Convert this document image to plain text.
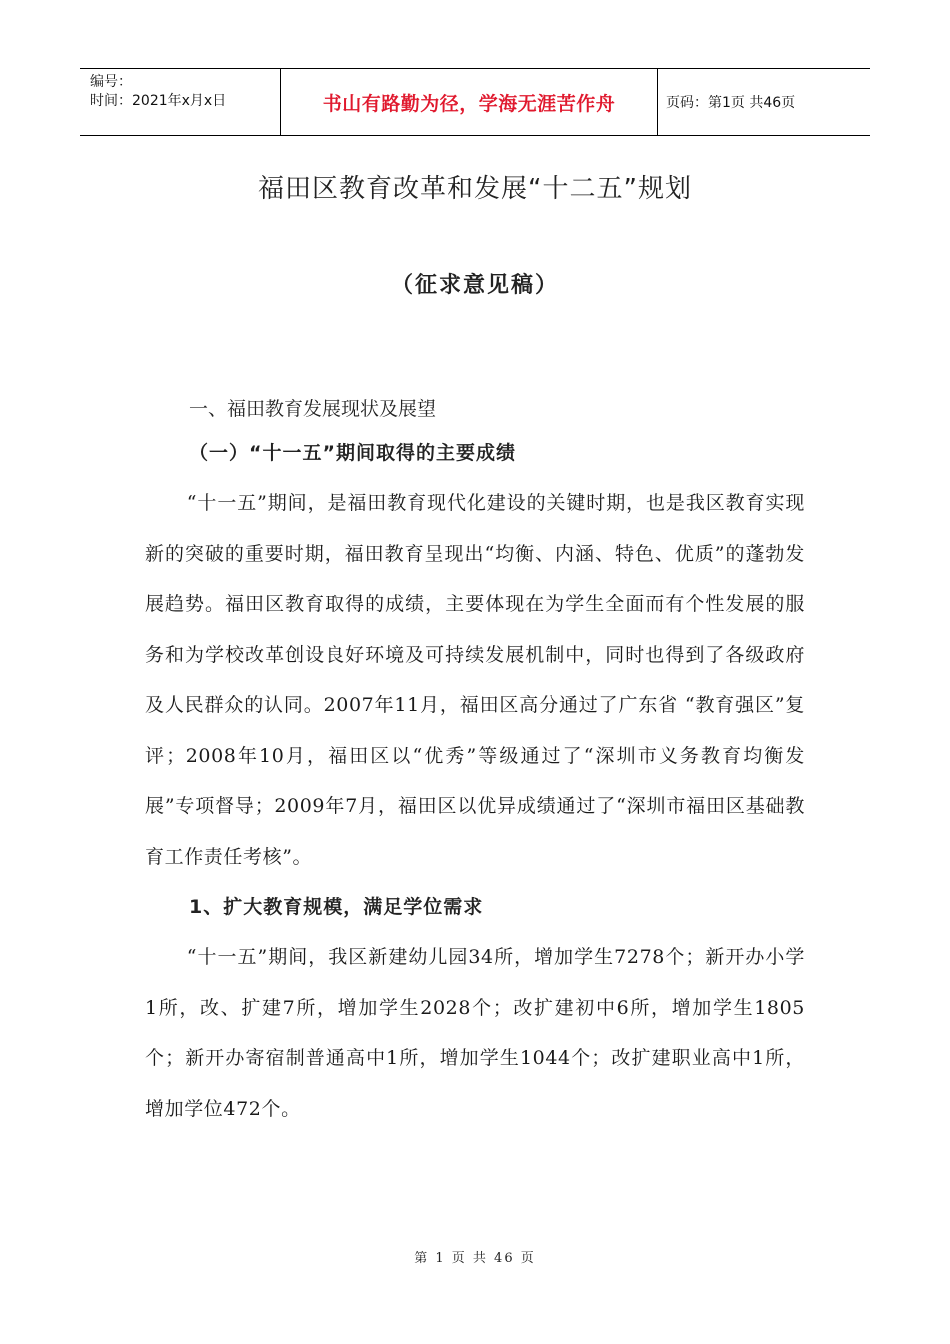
编号：
时间：2021年x月x日	书山有路勤为径，学海无涯苦作舟	页码：第1页 共46页
福田区教育改革和发展“十二五”规划
（征求意见稿）

一、福田教育发展现状及展望

（一）“十一五”期间取得的主要成绩

“十一五”期间，是福田教育现代化建设的关键时期，也是我区教育实现新的突破的重要时期，福田教育呈现出“均衡、内涵、特色、优质”的蓬勃发展趋势。福田区教育取得的成绩，主要体现在为学生全面而有个性发展的服务和为学校改革创设良好环境及可持续发展机制中，同时也得到了各级政府及人民群众的认同。2007年11月，福田区高分通过了广东省 “教育强区”复评；2008年10月，福田区以“优秀”等级通过了“深圳市义务教育均衡发展”专项督导；2009年7月，福田区以优异成绩通过了“深圳市福田区基础教育工作责任考核”。

1、扩大教育规模，满足学位需求

“十一五”期间，我区新建幼儿园34所，增加学生7278个；新开办小学1所，改、扩建7所，增加学生2028个；改扩建初中6所，增加学生1805个；新开办寄宿制普通高中1所，增加学生1044个；改扩建职业高中1所，增加学位472个。

第 1 页 共 46 页
